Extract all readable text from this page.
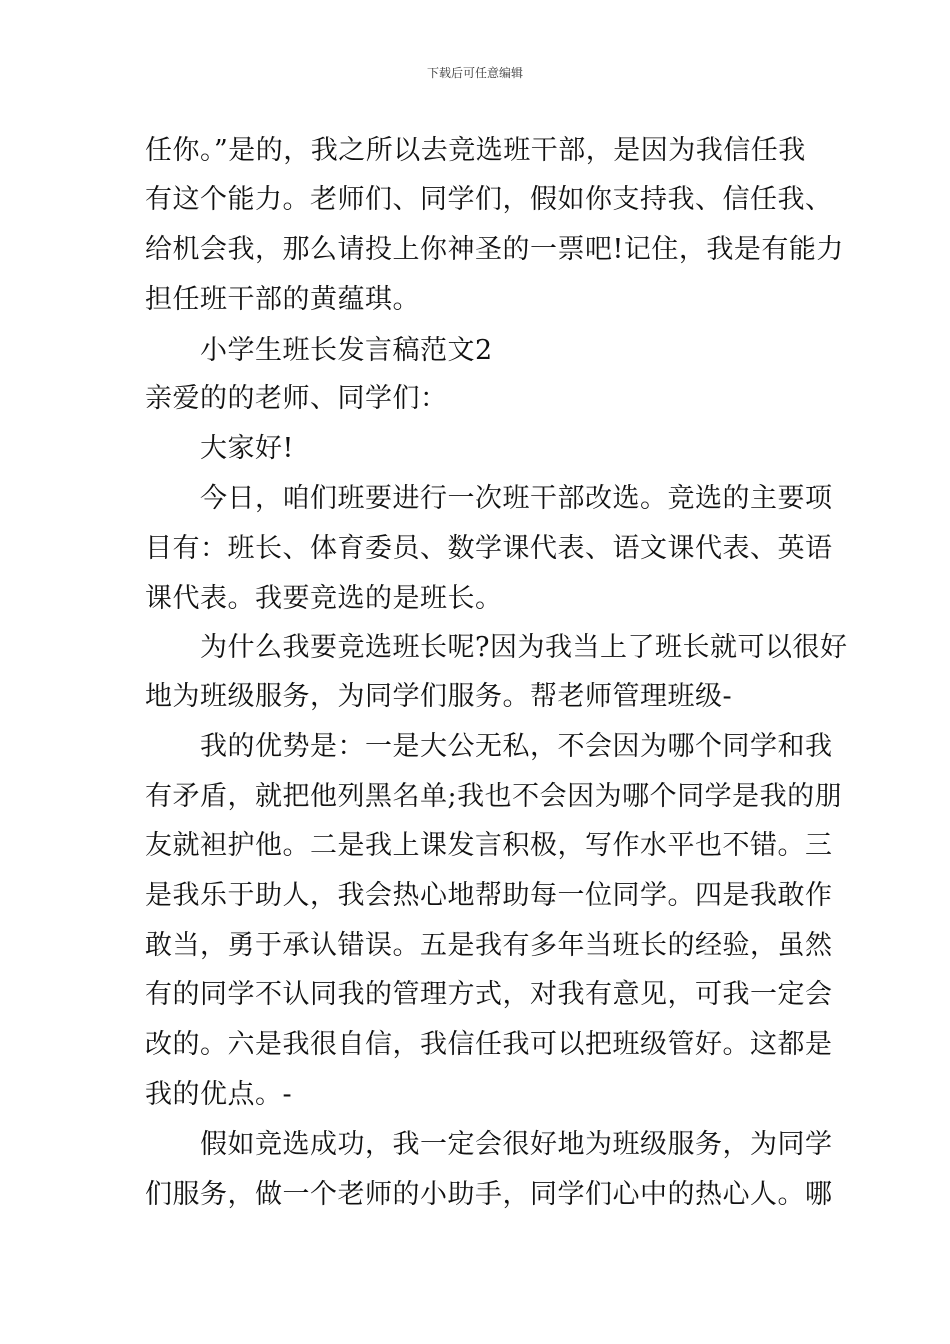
下载后可任意编辑
任你。”是的，我之所以去竞选班干部，是因为我信任我
有这个能力。老师们、同学们，假如你支持我、信任我、
给机会我，那么请投上你神圣的一票吧!记住，我是有能力
担任班干部的黄蕴琪。
小学生班长发言稿范文2
亲爱的的老师、同学们：
大家好!
今日，咱们班要进行一次班干部改选。竞选的主要项
目有：班长、体育委员、数学课代表、语文课代表、英语
课代表。我要竞选的是班长。
为什么我要竞选班长呢?因为我当上了班长就可以很好
地为班级服务，为同学们服务。帮老师管理班级-
我的优势是：一是大公无私，不会因为哪个同学和我
有矛盾，就把他列黑名单;我也不会因为哪个同学是我的朋
友就袒护他。二是我上课发言积极，写作水平也不错。三
是我乐于助人，我会热心地帮助每一位同学。四是我敢作
敢当，勇于承认错误。五是我有多年当班长的经验，虽然
有的同学不认同我的管理方式，对我有意见，可我一定会
改的。六是我很自信，我信任我可以把班级管好。这都是
我的优点。-
假如竞选成功，我一定会很好地为班级服务，为同学
们服务，做一个老师的小助手，同学们心中的热心人。哪
